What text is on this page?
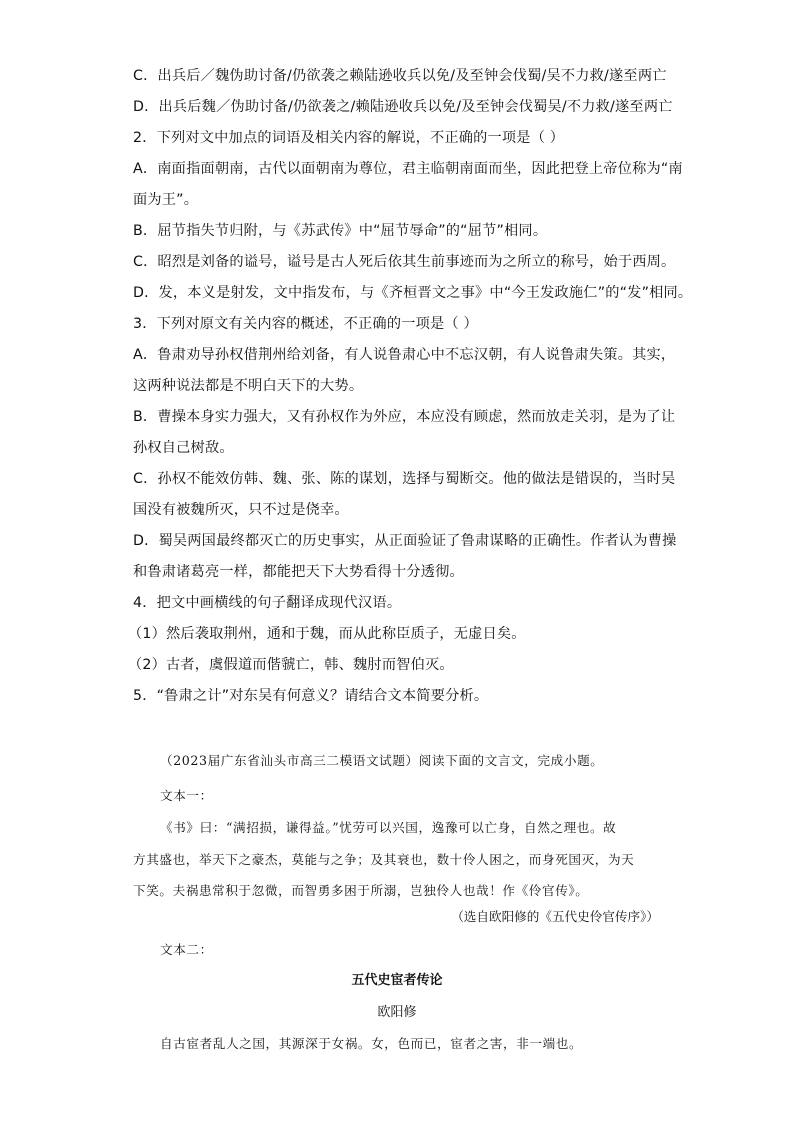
C．出兵后／魏伪助讨备/仍欲袭之赖陆逊收兵以免/及至钟会伐蜀/吴不力救/遂至两亡
D．出兵后魏／伪助讨备/仍欲袭之/赖陆逊收兵以免/及至钟会伐蜀吴/不力救/遂至两亡
2．下列对文中加点的词语及相关内容的解说，不正确的一项是（ ）
A．南面指面朝南，古代以面朝南为尊位，君主临朝南面而坐，因此把登上帝位称为“南
面为王”。
B．屈节指失节归附，与《苏武传》中“屈节辱命”的“屈节”相同。
C．昭烈是刘备的谥号，谥号是古人死后依其生前事迹而为之所立的称号，始于西周。
D．发，本义是射发，文中指发布，与《齐桓晋文之事》中“今王发政施仁”的“发”相同。
3．下列对原文有关内容的概述，不正确的一项是（ ）
A．鲁肃劝导孙权借荆州给刘备，有人说鲁肃心中不忘汉朝，有人说鲁肃失策。其实，
这两种说法都是不明白天下的大势。
B．曹操本身实力强大，又有孙权作为外应，本应没有顾虑，然而放走关羽，是为了让
孙权自己树敌。
C．孙权不能效仿韩、魏、张、陈的谋划，选择与蜀断交。他的做法是错误的，当时吴
国没有被魏所灭，只不过是侥幸。
D．蜀吴两国最终都灭亡的历史事实，从正面验证了鲁肃谋略的正确性。作者认为曹操
和鲁肃诸葛亮一样，都能把天下大势看得十分透彻。
4．把文中画横线的句子翻译成现代汉语。
（1）然后袭取荆州，通和于魏，而从此称臣质子，无虚日矣。
（2）古者，虞假道而偕虢亡，韩、魏肘而智伯灭。
5．“鲁肃之计”对东吴有何意义？请结合文本简要分析。
（2023届广东省汕头市高三二模语文试题）阅读下面的文言文，完成小题。
文本一：
《书》曰：“满招损，谦得益。”忧劳可以兴国，逸豫可以亡身，自然之理也。故
方其盛也，举天下之豪杰，莫能与之争；及其衰也，数十伶人困之，而身死国灭，为天
下笑。夫祸患常积于忽微，而智勇多困于所溺，岂独伶人也哉！作《伶官传》。
（选自欧阳修的《五代史伶官传序》）
文本二：
五代史宦者传论
欧阳修
自古宦者乱人之国，其源深于女祸。女，色而已，宦者之害，非一端也。
